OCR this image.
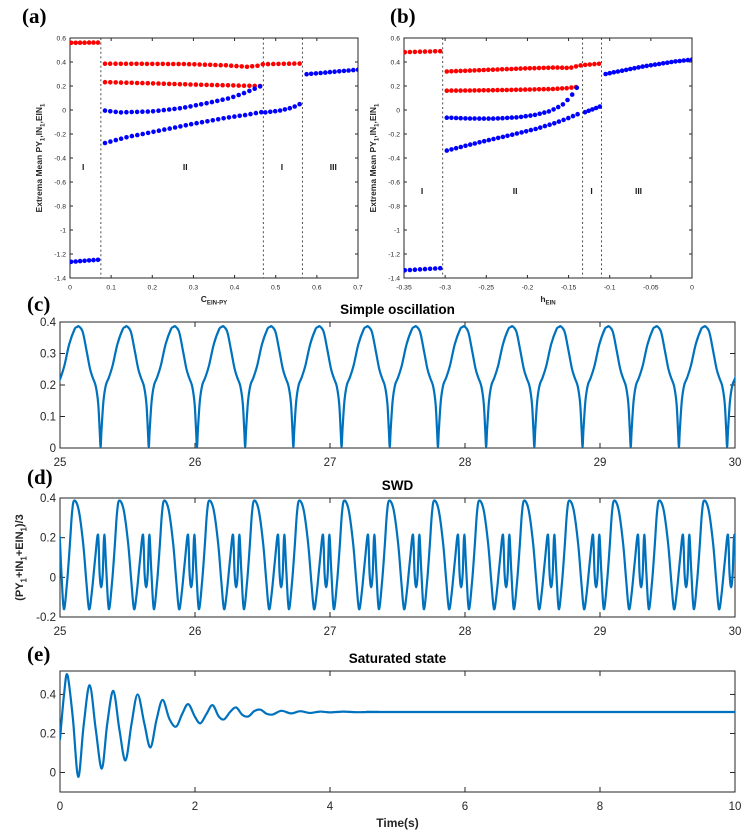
(a)	(b)
(c)
(d)
(e)
0	0.1	0.2	0.3	0.4	0.5	0.6	0.7
0.6
0.4
0.2
0
-0.2
-0.4
-0.6
-0.8
-1
-1.2
-1.4
$C_{EIN-PY}$
Extrema Mean $PY_1,IN_1,EIN_1$
I	II	I	III
-0.35	-0.3	-0.25	-0.2	-0.15	-0.1	-0.05	0
0.6
0.4
0.2
0
-0.2
-0.4
-0.6
-0.8
-1
-1.2
-1.4
$h_{EIN}$
Extrema Mean $PY_1,IN_1,EIN_1$
I	II	I	III
25	26	27	28	29	30
0
0.1
0.2
0.3
0.4
Simple oscillation
25	26	27	28	29	30
-0.2
0
0.2
0.4
SWD
$(PY_1+IN_1+EIN_1)/3$
0	2	4	6	8	10
0
0.2
0.4
Saturated state
Time(s)
